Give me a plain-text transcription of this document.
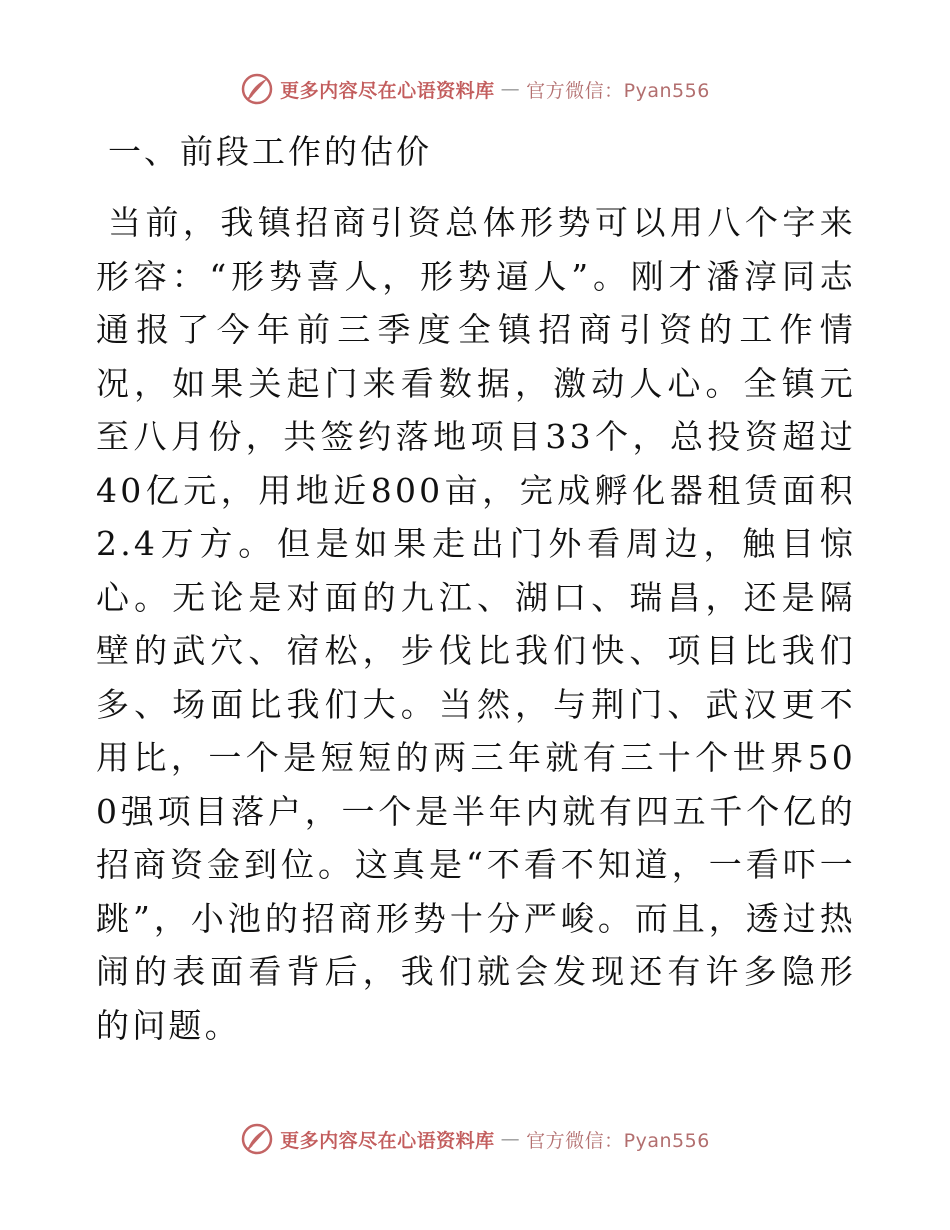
更多内容尽在心语资料库 — 官方微信：Pyan556
一、前段工作的估价

当前，我镇招商引资总体形势可以用八个字来形容：“形势喜人，形势逼人”。刚才潘淳同志通报了今年前三季度全镇招商引资的工作情况，如果关起门来看数据，激动人心。全镇元至八月份，共签约落地项目33个，总投资超过40亿元，用地近800亩，完成孵化器租赁面积2.4万方。但是如果走出门外看周边，触目惊心。无论是对面的九江、湖口、瑞昌，还是隔壁的武穴、宿松，步伐比我们快、项目比我们多、场面比我们大。当然，与荆门、武汉更不用比，一个是短短的两三年就有三十个世界500强项目落户，一个是半年内就有四五千个亿的招商资金到位。这真是“不看不知道，一看吓一跳”，小池的招商形势十分严峻。而且，透过热闹的表面看背后，我们就会发现还有许多隐形的问题。

更多内容尽在心语资料库 — 官方微信：Pyan556
